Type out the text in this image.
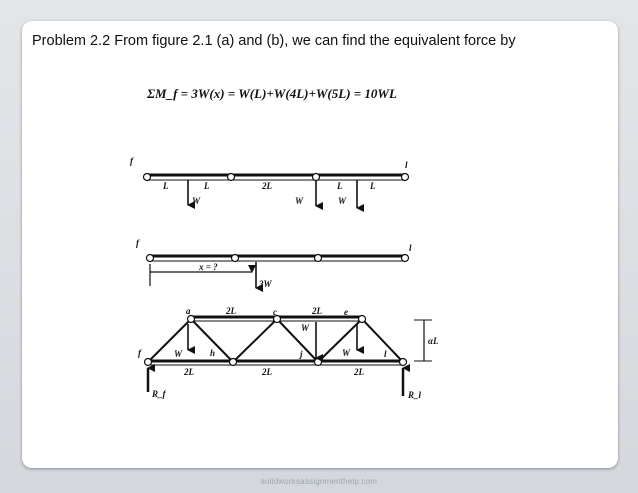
Problem 2.2 From figure 2.1 (a) and (b), we can find the equivalent force by
ΣM_f = 3W(x) = W(L)+W(4L)+W(5L) = 10WL
f	l
L	L	2L	L	L
W	W	W
f	l
x = ?
3W
a	c	e
f	h	j	l
2L	2L
2L	2L	2L
W
W
W
αL
R_f	R_l
solidworksassignmenthelp.com
